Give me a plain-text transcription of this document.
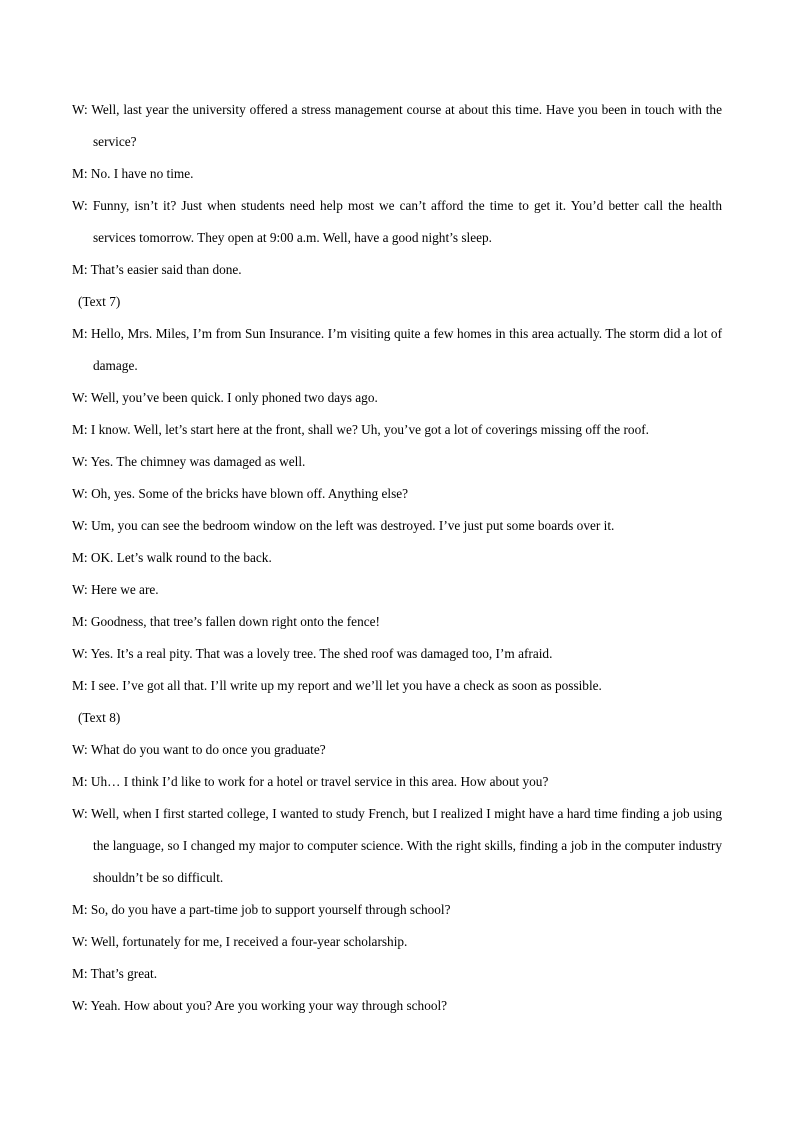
W: Well, last year the university offered a stress management course at about this time. Have you been in touch with the service?

M: No. I have no time.

W: Funny, isn’t it? Just when students need help most we can’t afford the time to get it. You’d better call the health services tomorrow. They open at 9:00 a.m. Well, have a good night’s sleep.

M: That’s easier said than done.

(Text 7)

M: Hello, Mrs. Miles, I’m from Sun Insurance. I’m visiting quite a few homes in this area actually. The storm did a lot of damage.

W: Well, you’ve been quick. I only phoned two days ago.

M: I know. Well, let’s start here at the front, shall we? Uh, you’ve got a lot of coverings missing off the roof.

W: Yes. The chimney was damaged as well.

W: Oh, yes. Some of the bricks have blown off. Anything else?

W: Um, you can see the bedroom window on the left was destroyed. I’ve just put some boards over it.

M: OK. Let’s walk round to the back.

W: Here we are.

M: Goodness, that tree’s fallen down right onto the fence!

W: Yes. It’s a real pity. That was a lovely tree. The shed roof was damaged too, I’m afraid.

M: I see. I’ve got all that. I’ll write up my report and we’ll let you have a check as soon as possible.

(Text 8)

W: What do you want to do once you graduate?

M: Uh… I think I’d like to work for a hotel or travel service in this area. How about you?

W: Well, when I first started college, I wanted to study French, but I realized I might have a hard time finding a job using the language, so I changed my major to computer science. With the right skills, finding a job in the computer industry shouldn’t be so difficult.

M: So, do you have a part-time job to support yourself through school?

W: Well, fortunately for me, I received a four-year scholarship.

M: That’s great.

W: Yeah. How about you? Are you working your way through school?
